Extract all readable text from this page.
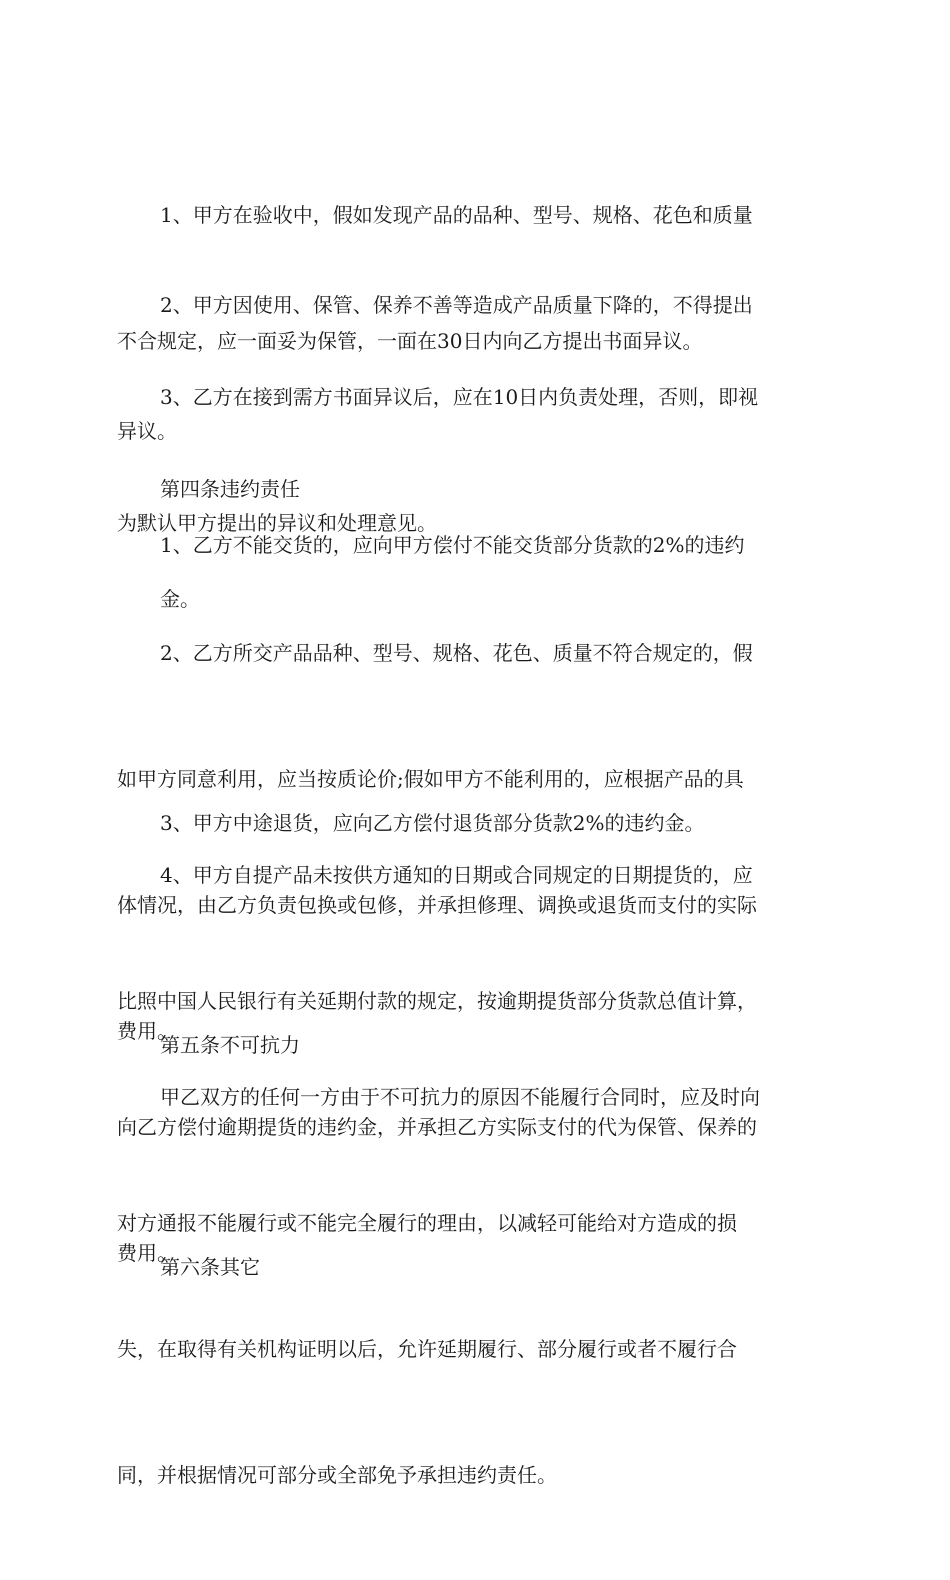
1、甲方在验收中，假如发现产品的品种、型号、规格、花色和质量

不合规定，应一面妥为保管，一面在30日内向乙方提出书面异议。

2、甲方因使用、保管、保养不善等造成产品质量下降的，不得提出

异议。

3、乙方在接到需方书面异议后，应在10日内负责处理，否则，即视

为默认甲方提出的异议和处理意见。

第四条违约责任

1、乙方不能交货的，应向甲方偿付不能交货部分货款的2%的违约

金。

2、乙方所交产品品种、型号、规格、花色、质量不符合规定的，假

如甲方同意利用，应当按质论价;假如甲方不能利用的，应根据产品的具

体情况，由乙方负责包换或包修，并承担修理、调换或退货而支付的实际

费用。

3、甲方中途退货，应向乙方偿付退货部分货款2%的违约金。

4、甲方自提产品未按供方通知的日期或合同规定的日期提货的，应

比照中国人民银行有关延期付款的规定，按逾期提货部分货款总值计算，

向乙方偿付逾期提货的违约金，并承担乙方实际支付的代为保管、保养的

费用。

第五条不可抗力

甲乙双方的任何一方由于不可抗力的原因不能履行合同时，应及时向

对方通报不能履行或不能完全履行的理由，以减轻可能给对方造成的损

失，在取得有关机构证明以后，允许延期履行、部分履行或者不履行合

同，并根据情况可部分或全部免予承担违约责任。

第六条其它
